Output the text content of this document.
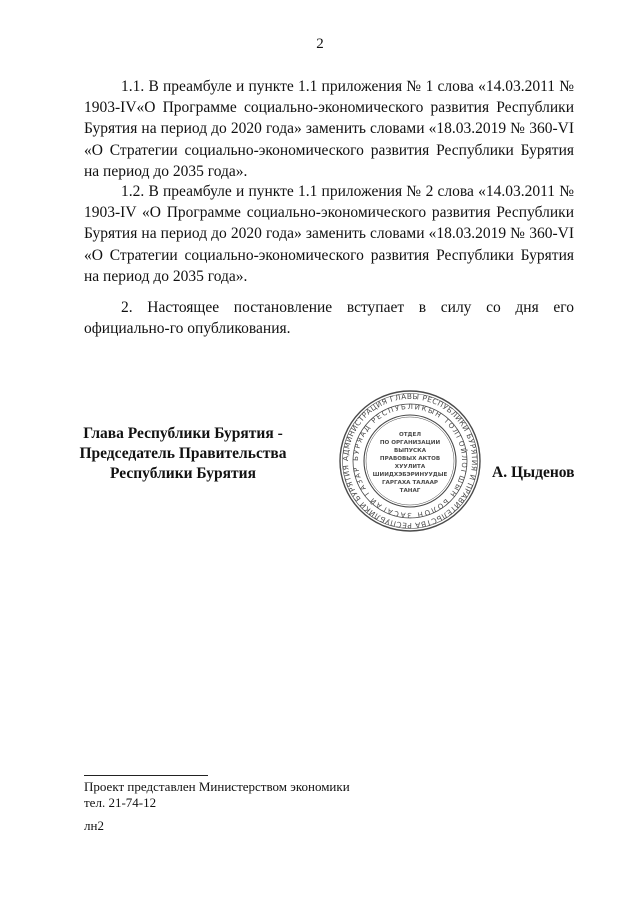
2

1.1. В преамбуле и пункте 1.1 приложения № 1 слова «14.03.2011 № 1903-IV«О Программе социально-экономического развития Республики Бурятия на период до 2020 года» заменить словами «18.03.2019 № 360-VI «О Стратегии социально-экономического развития Республики Бурятия на период до 2035 года».

1.2. В преамбуле и пункте 1.1 приложения № 2 слова «14.03.2011 № 1903-IV «О Программе социально-экономического развития Республики Бурятия на период до 2020 года» заменить словами «18.03.2019 № 360-VI «О Стратегии социально-экономического развития Республики Бурятия на период до 2035 года».

2. Настоящее постановление вступает в силу со дня его официально-го опубликования.

Глава Республики Бурятия -
Председатель Правительства
Республики Бурятия
АДМИНИСТРАЦИЯ ГЛАВЫ РЕСПУБЛИКИ БУРЯТИЯ И ПРАВИТЕЛЬСТВА РЕСПУБЛИКИ БУРЯТИЯ
БУРЯАД РЕСПУБЛИКЫН ТОЛГОЙЛОГШЫН БОЛОН ЗАСАГАЙ ГАЗАР
ОТДЕЛ
ПО ОРГАНИЗАЦИИ
ВЫПУСКА
ПРАВОВЫХ АКТОВ
ХУУЛИТА
ШИИДХЭБЭРИНУУДЫЕ
ГАРГАХА ТАЛААР
ТАНАГ
А. Цыденов
Проект представлен Министерством экономики
тел. 21-74-12
лн2
